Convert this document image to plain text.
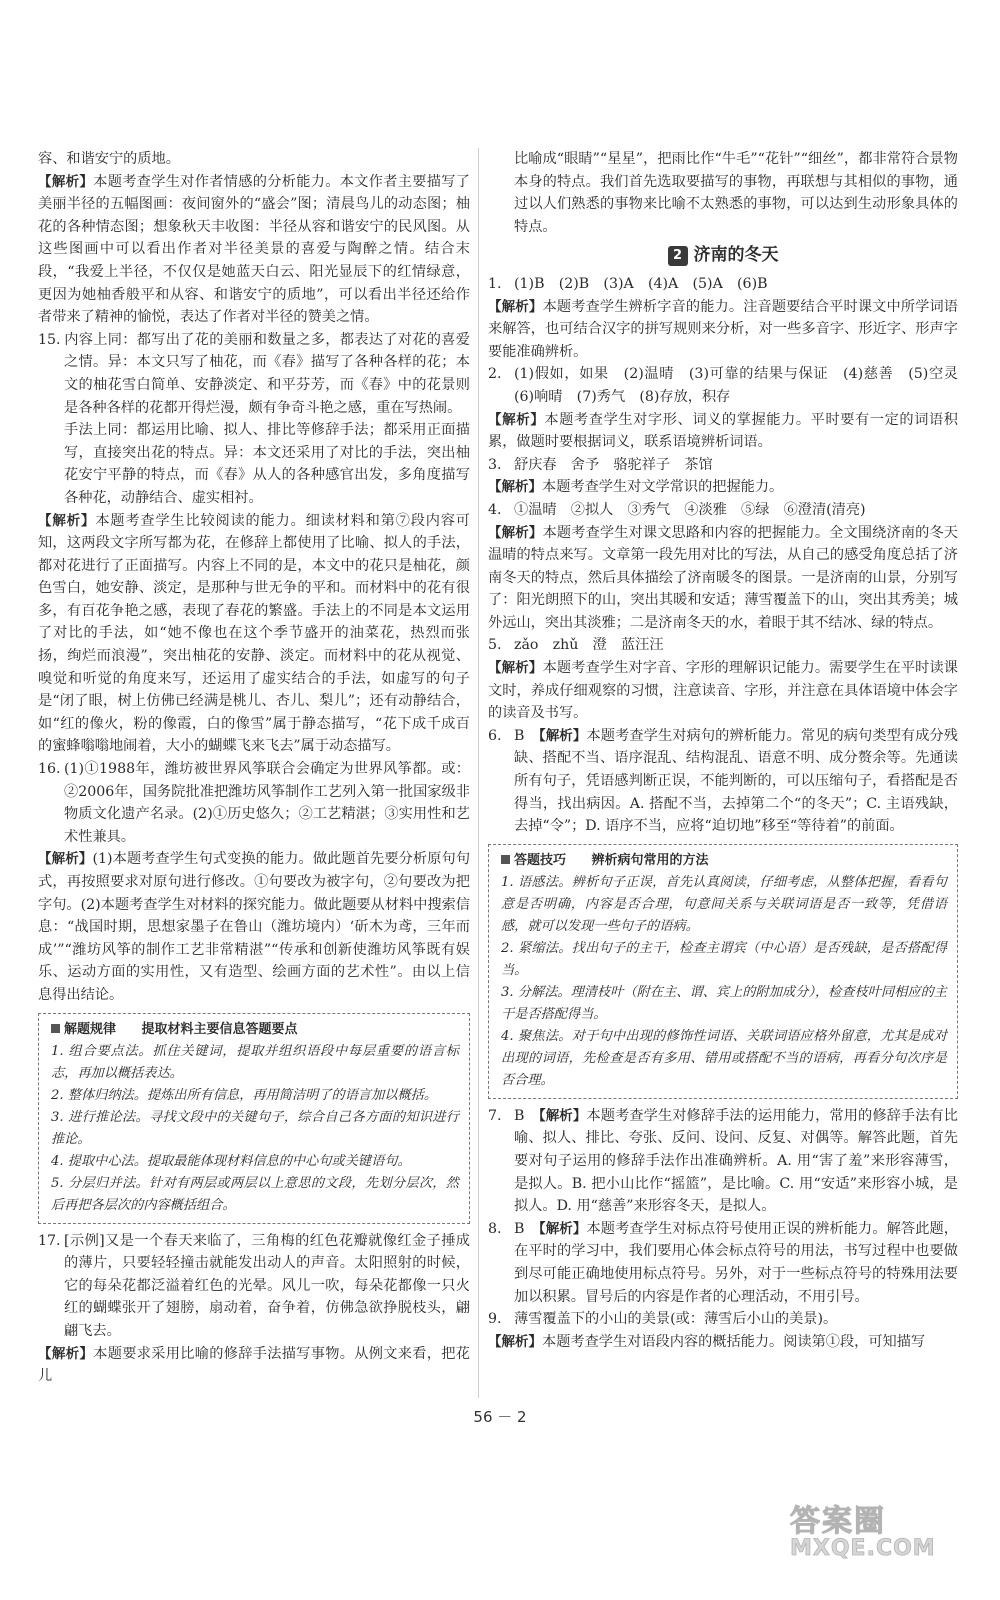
容、和谐安宁的质地。

【解析】本题考查学生对作者情感的分析能力。本文作者主要描写了美丽半径的五幅图画：夜间窗外的“盛会”图；清晨鸟儿的动态图；柚花的各种情态图；想象秋天丰收图：半径从容和谐安宁的民风图。从这些图画中可以看出作者对半径美景的喜爱与陶醉之情。结合末段，“我爱上半径，不仅仅是她蓝天白云、阳光显辰下的红情绿意，更因为她柚香般平和从容、和谐安宁的质地”，可以看出半径还给作者带来了精神的愉悦，表达了作者对半径的赞美之情。

15. 内容上同：都写出了花的美丽和数量之多，都表达了对花的喜爱之情。异：本文只写了柚花，而《春》描写了各种各样的花；本文的柚花雪白简单、安静淡定、和平芬芳，而《春》中的花景则是各种各样的花都开得烂漫，颇有争奇斗艳之感，重在写热闹。

手法上同：都运用比喻、拟人、排比等修辞手法；都采用正面描写，直接突出花的特点。异：本文还采用了对比的手法，突出柚花安宁平静的特点，而《春》从人的各种感官出发，多角度描写各种花，动静结合、虚实相衬。

【解析】本题考查学生比较阅读的能力。细读材料和第⑦段内容可知，这两段文字所写都为花，在修辞上都使用了比喻、拟人的手法，都对花进行了正面描写。内容上不同的是，本文中的花只是柚花，颜色雪白，她安静、淡定，是那种与世无争的平和。而材料中的花有很多，有百花争艳之感，表现了春花的繁盛。手法上的不同是本文运用了对比的手法，如“她不像也在这个季节盛开的油菜花，热烈而张扬，绚烂而浪漫”，突出柚花的安静、淡定。而材料中的花从视觉、嗅觉和听觉的角度来写，还运用了虚实结合的手法，如虚写的句子是“闭了眼，树上仿佛已经满是桃儿、杏儿、梨儿”；还有动静结合，如“红的像火，粉的像霞，白的像雪”属于静态描写，“花下成千成百的蜜蜂嗡嗡地闹着，大小的蝴蝶飞来飞去”属于动态描写。

16. (1)①1988年，潍坊被世界风筝联合会确定为世界风筝都。或：②2006年，国务院批准把潍坊风筝制作工艺列入第一批国家级非物质文化遗产名录。(2)①历史悠久；②工艺精湛；③实用性和艺术性兼具。

【解析】(1)本题考查学生句式变换的能力。做此题首先要分析原句句式，再按照要求对原句进行修改。①句要改为被字句，②句要改为把字句。(2)本题考查学生对材料的探究能力。做此题要从材料中搜索信息：“战国时期，思想家墨子在鲁山（潍坊境内）‘斫木为鸢，三年而成’”“潍坊风筝的制作工艺非常精湛”“传承和创新使潍坊风筝既有娱乐、运动方面的实用性，又有造型、绘画方面的艺术性”。由以上信息得出结论。

解题规律 提取材料主要信息答题要点

1. 组合要点法。抓住关键词，提取并组织语段中每层重要的语言标志，再加以概括表达。

2. 整体归纳法。提炼出所有信息，再用简洁明了的语言加以概括。

3. 进行推论法。寻找文段中的关键句子，综合自己各方面的知识进行推论。

4. 提取中心法。提取最能体现材料信息的中心句或关键语句。

5. 分层归并法。针对有两层或两层以上意思的文段，先划分层次，然后再把各层次的内容概括组合。

17. [示例]又是一个春天来临了，三角梅的红色花瓣就像红金子捶成的薄片，只要轻轻撞击就能发出动人的声音。太阳照射的时候，它的每朵花都泛溢着红色的光晕。风儿一吹，每朵花都像一只火红的蝴蝶张开了翅膀，扇动着，奋争着，仿佛急欲挣脱枝头，翩翩飞去。

【解析】本题要求采用比喻的修辞手法描写事物。从例文来看，把花儿

比喻成“眼睛”“星星”，把雨比作“牛毛”“花针”“细丝”，都非常符合景物本身的特点。我们首先选取要描写的事物，再联想与其相似的事物，通过以人们熟悉的事物来比喻不太熟悉的事物，可以达到生动形象具体的特点。

2 济南的冬天

1. (1)B　(2)B　(3)A　(4)A　(5)A　(6)B

【解析】本题考查学生辨析字音的能力。注音题要结合平时课文中所学词语来解答，也可结合汉字的拼写规则来分析，对一些多音字、形近字、形声字要能准确辨析。

2. (1)假如，如果　(2)温晴　(3)可靠的结果与保证　(4)慈善　(5)空灵　(6)响晴　(7)秀气　(8)存放，积存

【解析】本题考查学生对字形、词义的掌握能力。平时要有一定的词语积累，做题时要根据词义，联系语境辨析词语。

3. 舒庆春　舍予　骆驼祥子　茶馆

【解析】本题考查学生对文学常识的把握能力。

4. ①温晴　②拟人　③秀气　④淡雅　⑤绿　⑥澄清(清亮)

【解析】本题考查学生对课文思路和内容的把握能力。全文围绕济南的冬天温晴的特点来写。文章第一段先用对比的写法，从自己的感受角度总括了济南冬天的特点，然后具体描绘了济南暖冬的图景。一是济南的山景，分别写了：阳光朗照下的山，突出其暖和安适；薄雪覆盖下的山，突出其秀美；城外远山，突出其淡雅；二是济南冬天的水，着眼于其不结冰、绿的特点。

5. zǎo　zhǔ　澄　蓝汪汪

【解析】本题考查学生对字音、字形的理解识记能力。需要学生在平时读课文时，养成仔细观察的习惯，注意读音、字形，并注意在具体语境中体会字的读音及书写。

6. B　 【解析】本题考查学生对病句的辨析能力。常见的病句类型有成分残缺、搭配不当、语序混乱、结构混乱、语意不明、成分赘余等。先通读所有句子，凭语感判断正误，不能判断的，可以压缩句子，看搭配是否得当，找出病因。A. 搭配不当，去掉第二个“的冬天”；C. 主语残缺，去掉“令”；D. 语序不当，应将“迫切地”移至“等待着”的前面。

答题技巧 辨析病句常用的方法

1. 语感法。辨析句子正误，首先认真阅读，仔细考虑，从整体把握，看看句意是否明确，内容是否合理，句意间关系与关联词语是否一致等，凭借语感，就可以发现一些句子的语病。

2. 紧缩法。找出句子的主干，检查主谓宾（中心语）是否残缺，是否搭配得当。

3. 分解法。理清枝叶（附在主、谓、宾上的附加成分），检查枝叶同相应的主干是否搭配得当。

4. 聚焦法。对于句中出现的修饰性词语、关联词语应格外留意，尤其是成对出现的词语，先检查是否有多用、错用或搭配不当的语病，再看分句次序是否合理。

7. B　 【解析】本题考查学生对修辞手法的运用能力，常用的修辞手法有比喻、拟人、排比、夸张、反问、设问、反复、对偶等。解答此题，首先要对句子运用的修辞手法作出准确辨析。A. 用“害了羞”来形容薄雪，是拟人。B. 把小山比作“摇篮”，是比喻。C. 用“安适”来形容小城，是拟人。D. 用“慈善”来形容冬天，是拟人。

8. B　 【解析】本题考查学生对标点符号使用正误的辨析能力。解答此题，在平时的学习中，我们要用心体会标点符号的用法，书写过程中也要做到尽可能正确地使用标点符号。另外，对于一些标点符号的特殊用法要加以积累。冒号后的内容是作者的心理活动，不用引号。

9. 薄雪覆盖下的小山的美景(或：薄雪后小山的美景)。

【解析】本题考查学生对语段内容的概括能力。阅读第①段，可知描写

56 － 2
答案圈
MXQE.COM
